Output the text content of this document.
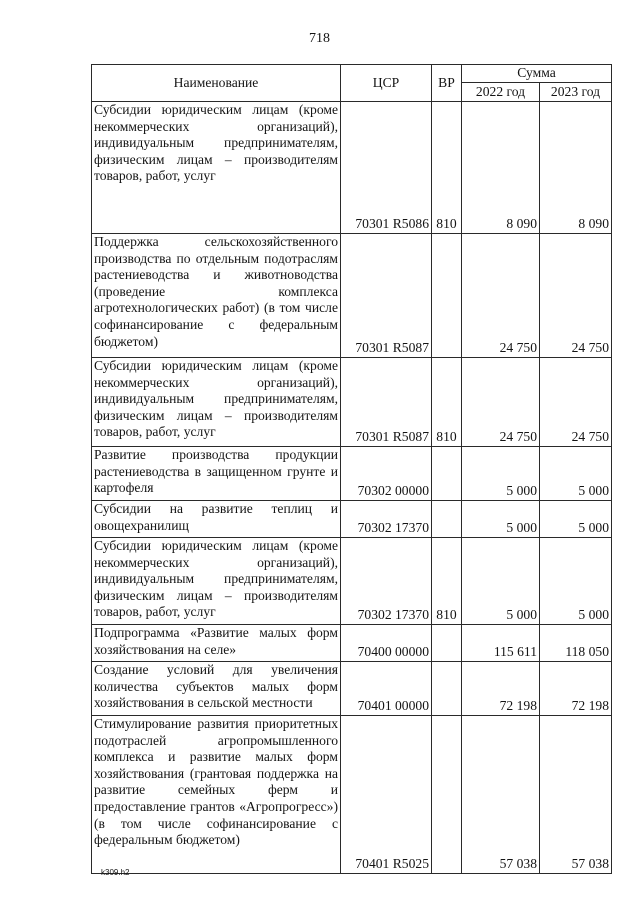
718
Наименование	ЦСР	ВР	Сумма	
			2022 год	2023 год
Субсидии юридическим лицам (кроме некоммерческих организаций), индивидуальным предпринимателям, физическим лицам – производителям товаров, работ, услуг	70301 R5086	810	8 090	8 090
Поддержка сельскохозяйственного производства по отдельным подотраслям растениеводства и животноводства (проведение комплекса агротехнологических работ) (в том числе софинансирование с федеральным бюджетом)	70301 R5087		24 750	24 750
Субсидии юридическим лицам (кроме некоммерческих организаций), индивидуальным предпринимателям, физическим лицам – производителям товаров, работ, услуг	70301 R5087	810	24 750	24 750
Развитие производства продукции растениеводства в защищенном грунте и картофеля	70302 00000		5 000	5 000
Субсидии на развитие теплиц и овощехранилищ	70302 17370		5 000	5 000
Субсидии юридическим лицам (кроме некоммерческих организаций), индивидуальным предпринимателям, физическим лицам – производителям товаров, работ, услуг	70302 17370	810	5 000	5 000
Подпрограмма «Развитие малых форм хозяйствования на селе»	70400 00000		115 611	118 050
Создание условий для увеличения количества субъектов малых форм хозяйствования в сельской местности	70401 00000		72 198	72 198
Стимулирование развития приоритетных подотраслей агропромышленного комплекса и развитие малых форм хозяйствования (грантовая поддержка на развитие семейных ферм и предоставление грантов «Агропрогресс») (в том числе софинансирование с федеральным бюджетом)	70401 R5025		57 038	57 038
k309.h2
